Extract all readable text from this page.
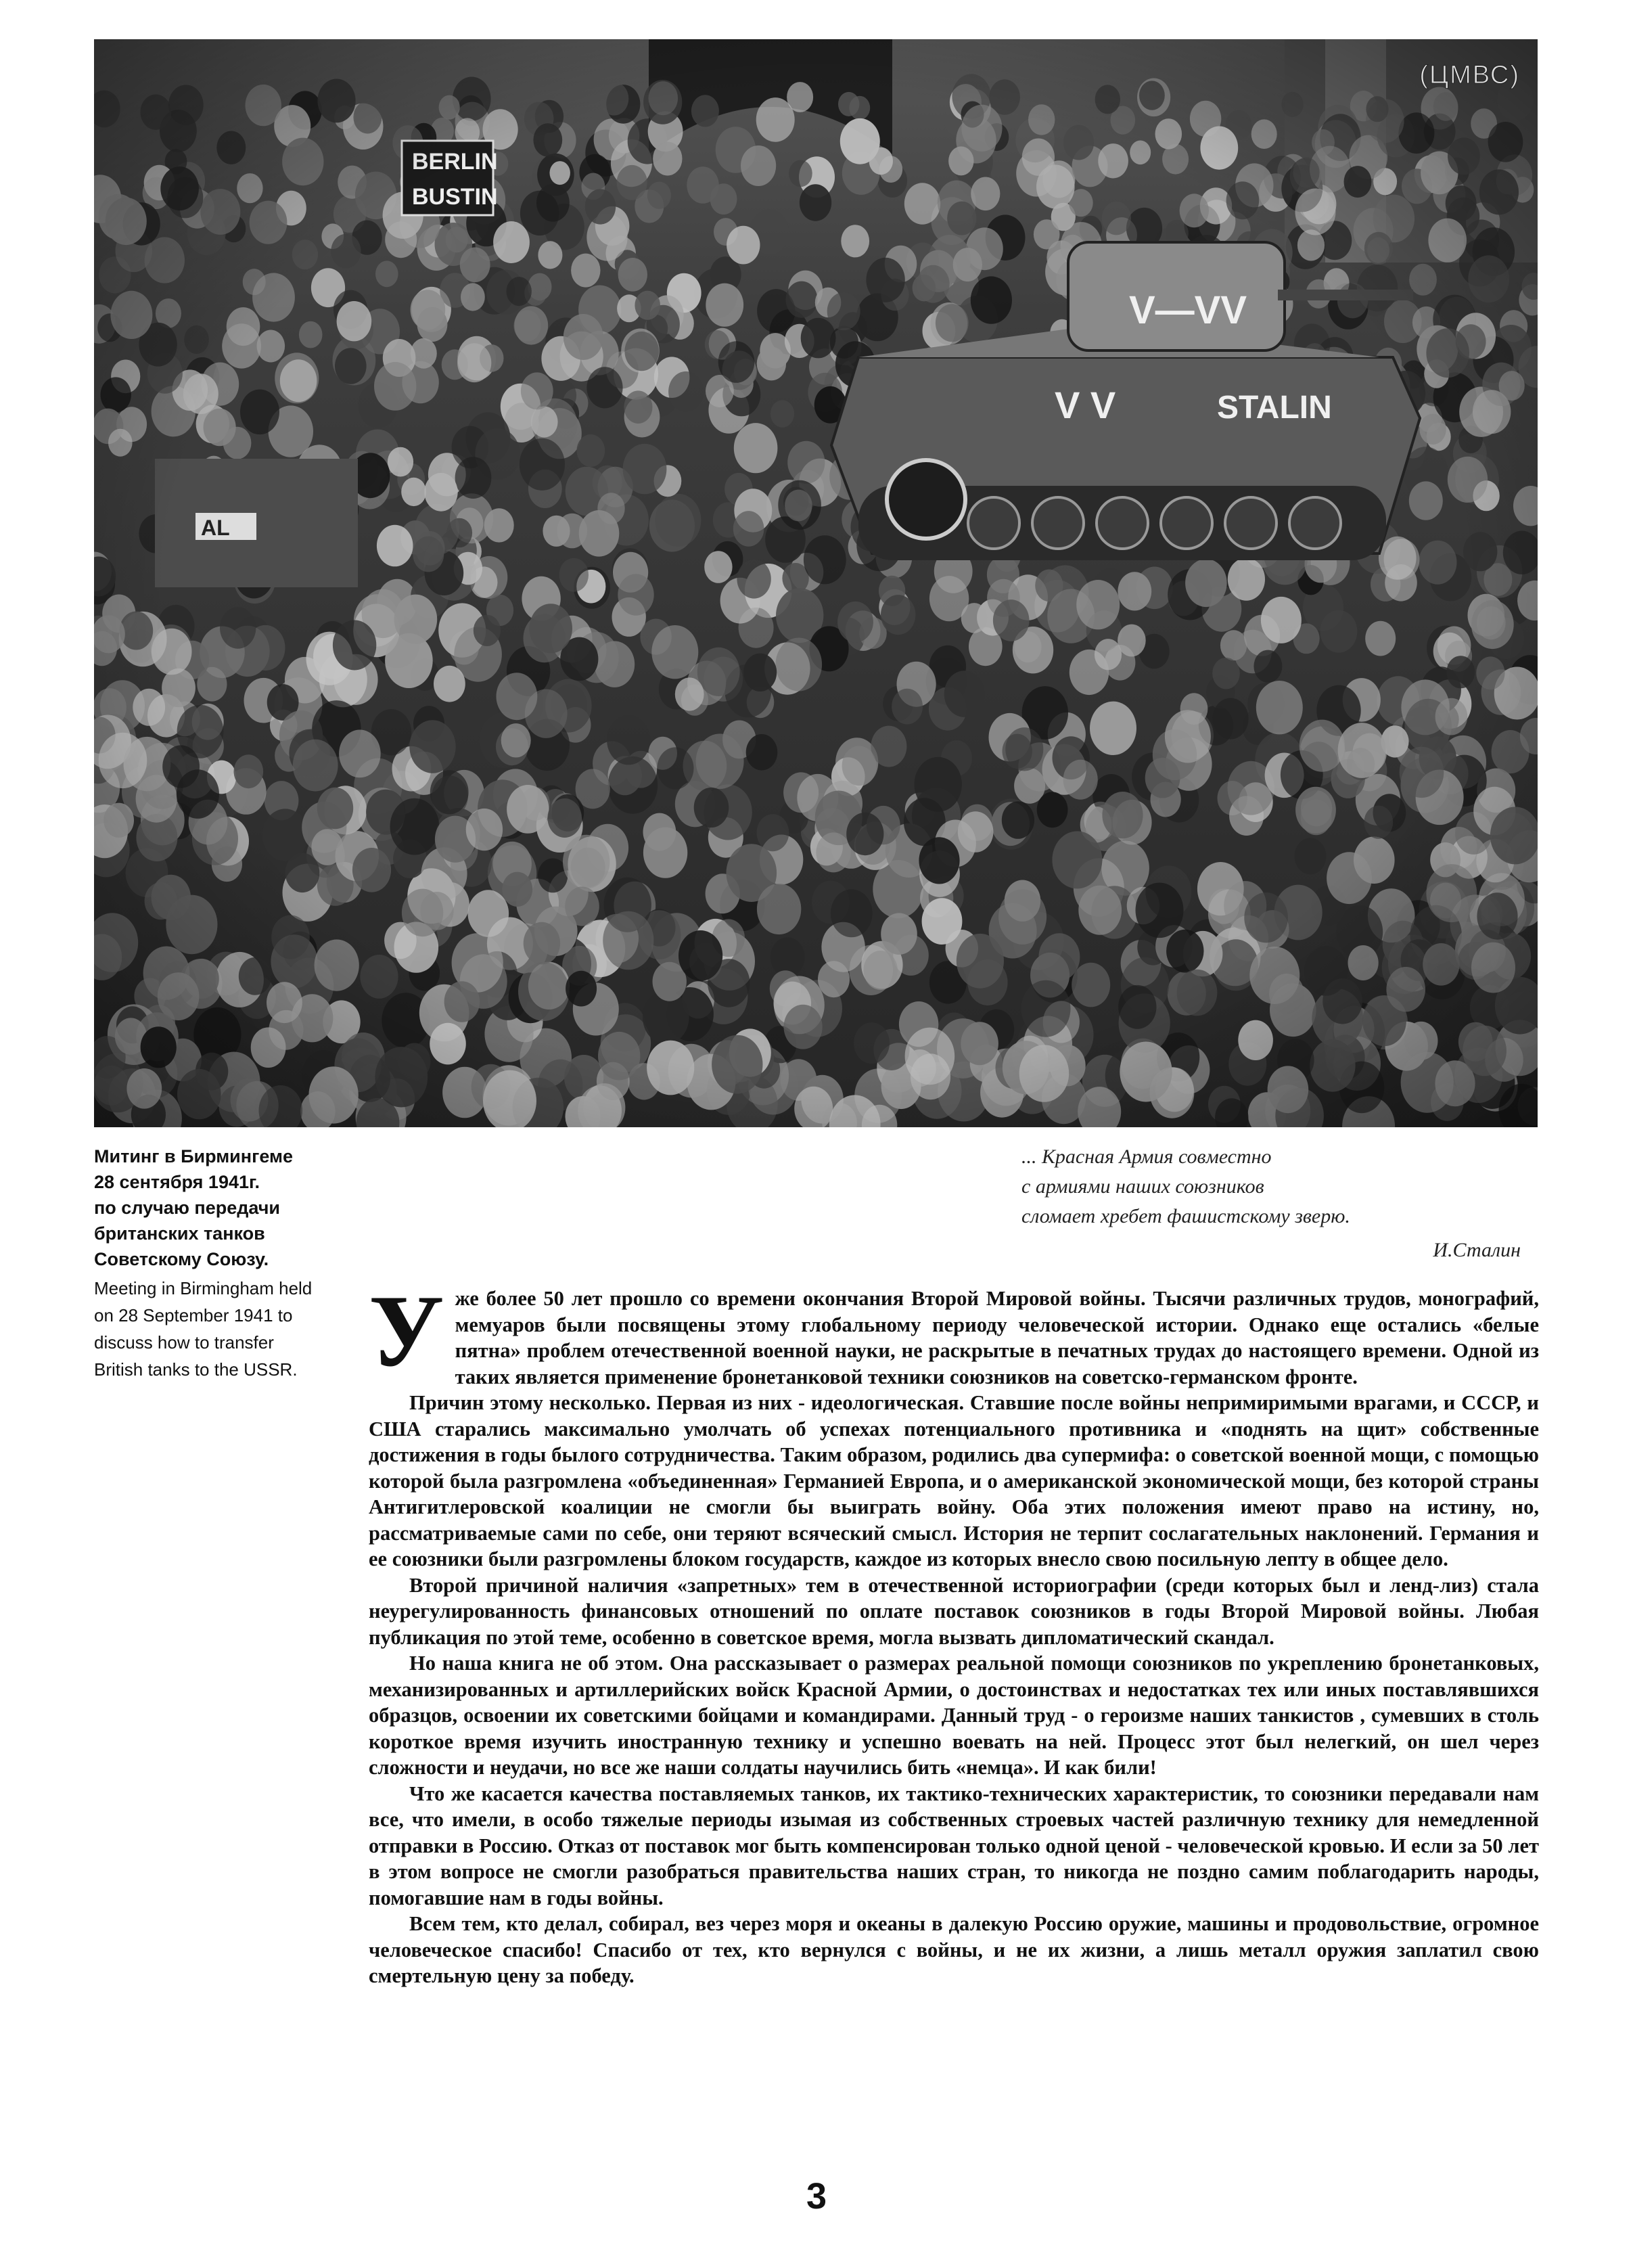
(ЦМВС)
Митинг в Бирмингеме
28 сентября 1941г.
по случаю передачи
британских танков
Советскому Союзу.
Meeting in Birmingham held
on 28 September 1941 to
discuss how to transfer
British tanks to the USSR.
... Красная Армия совместно
с армиями наших союзников
сломает хребет фашистскому зверю.
И.Сталин

Уже более 50 лет прошло со времени окончания Второй Мировой войны. Тысячи различных трудов, монографий, мемуаров были посвящены этому глобальному периоду человеческой истории. Однако еще остались «белые пятна» проблем отечественной военной науки, не раскрытые в печатных трудах до настоящего времени. Одной из таких является применение бронетанковой техники союзников на советско-германском фронте.

Причин этому несколько. Первая из них - идеологическая. Ставшие после войны непримиримыми врагами, и СССР, и США старались максимально умолчать об успехах потенциального противника и «поднять на щит» собственные достижения в годы былого сотрудничества. Таким образом, родились два супермифа: о советской военной мощи, с помощью которой была разгромлена «объединенная» Германией Европа, и о американской экономической мощи, без которой страны Антигитлеровской коалиции не смогли бы выиграть войну. Оба этих положения имеют право на истину, но, рассматриваемые сами по себе, они теряют всяческий смысл. История не терпит сослагательных наклонений. Германия и ее союзники были разгромлены блоком государств, каждое из которых внесло свою посильную лепту в общее дело.

Второй причиной наличия «запретных» тем в отечественной историографии (среди которых был и ленд-лиз) стала неурегулированность финансовых отношений по оплате поставок союзников в годы Второй Мировой войны. Любая публикация по этой теме, особенно в советское время, могла вызвать дипломатический скандал.

Но наша книга не об этом. Она рассказывает о размерах реальной помощи союзников по укреплению бронетанковых, механизированных и артиллерийских войск Красной Армии, о достоинствах и недостатках тех или иных поставлявшихся образцов, освоении их советскими бойцами и командирами. Данный труд - о героизме наших танкистов , сумевших в столь короткое время изучить иностранную технику и успешно воевать на ней. Процесс этот был нелегкий, он шел через сложности и неудачи, но все же наши солдаты научились бить «немца». И как били!

Что же касается качества поставляемых танков, их тактико-технических характеристик, то союзники передавали нам все, что имели, в особо тяжелые периоды изымая из собственных строевых частей различную технику для немедленной отправки в Россию. Отказ от поставок мог быть компенсирован только одной ценой - человеческой кровью. И если за 50 лет в этом вопросе не смогли разобраться правительства наших стран, то никогда не поздно самим поблагодарить народы, помогавшие нам в годы войны.

Всем тем, кто делал, собирал, вез через моря и океаны в далекую Россию оружие, машины и продовольствие, огромное человеческое спасибо! Спасибо от тех, кто вернулся с войны, и не их жизни, а лишь металл оружия заплатил свою смертельную цену за победу.

3
